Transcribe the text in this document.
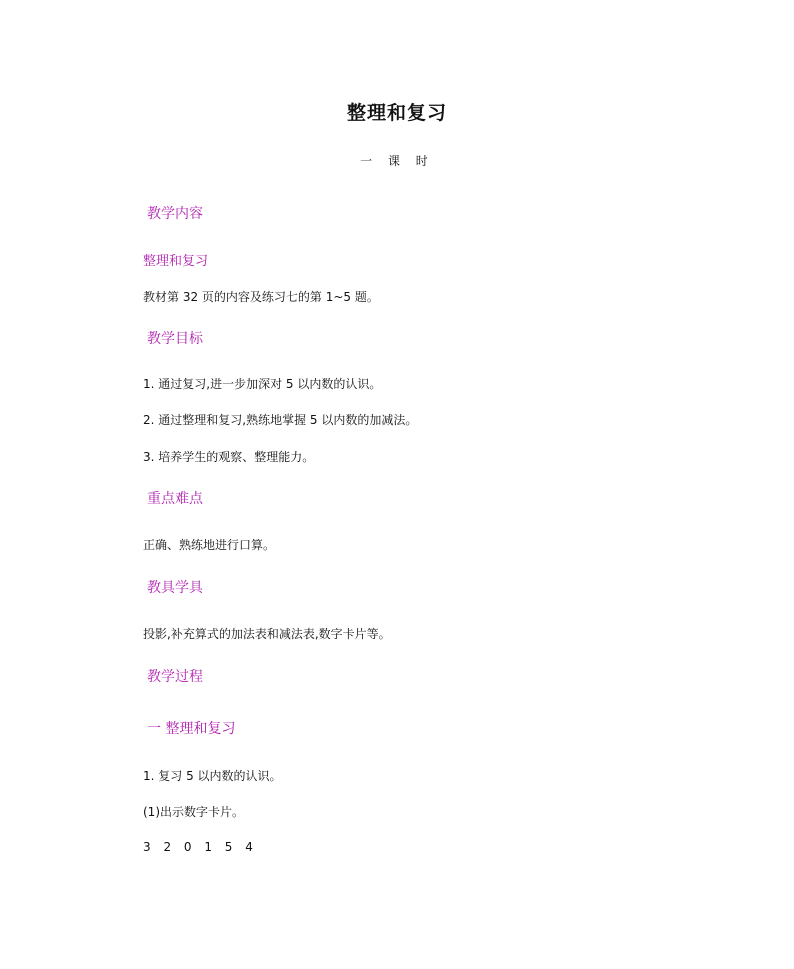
整理和复习
一 课 时
教学内容
整理和复习
教材第 32 页的内容及练习七的第 1~5 题。
教学目标
1. 通过复习,进一步加深对 5 以内数的认识。
2. 通过整理和复习,熟练地掌握 5 以内数的加减法。
3. 培养学生的观察、整理能力。
重点难点
正确、熟练地进行口算。
教具学具
投影,补充算式的加法表和减法表,数字卡片等。
教学过程
一 整理和复习
1. 复习 5 以内数的认识。
(1)出示数字卡片。
3 2 0 1 5 4
